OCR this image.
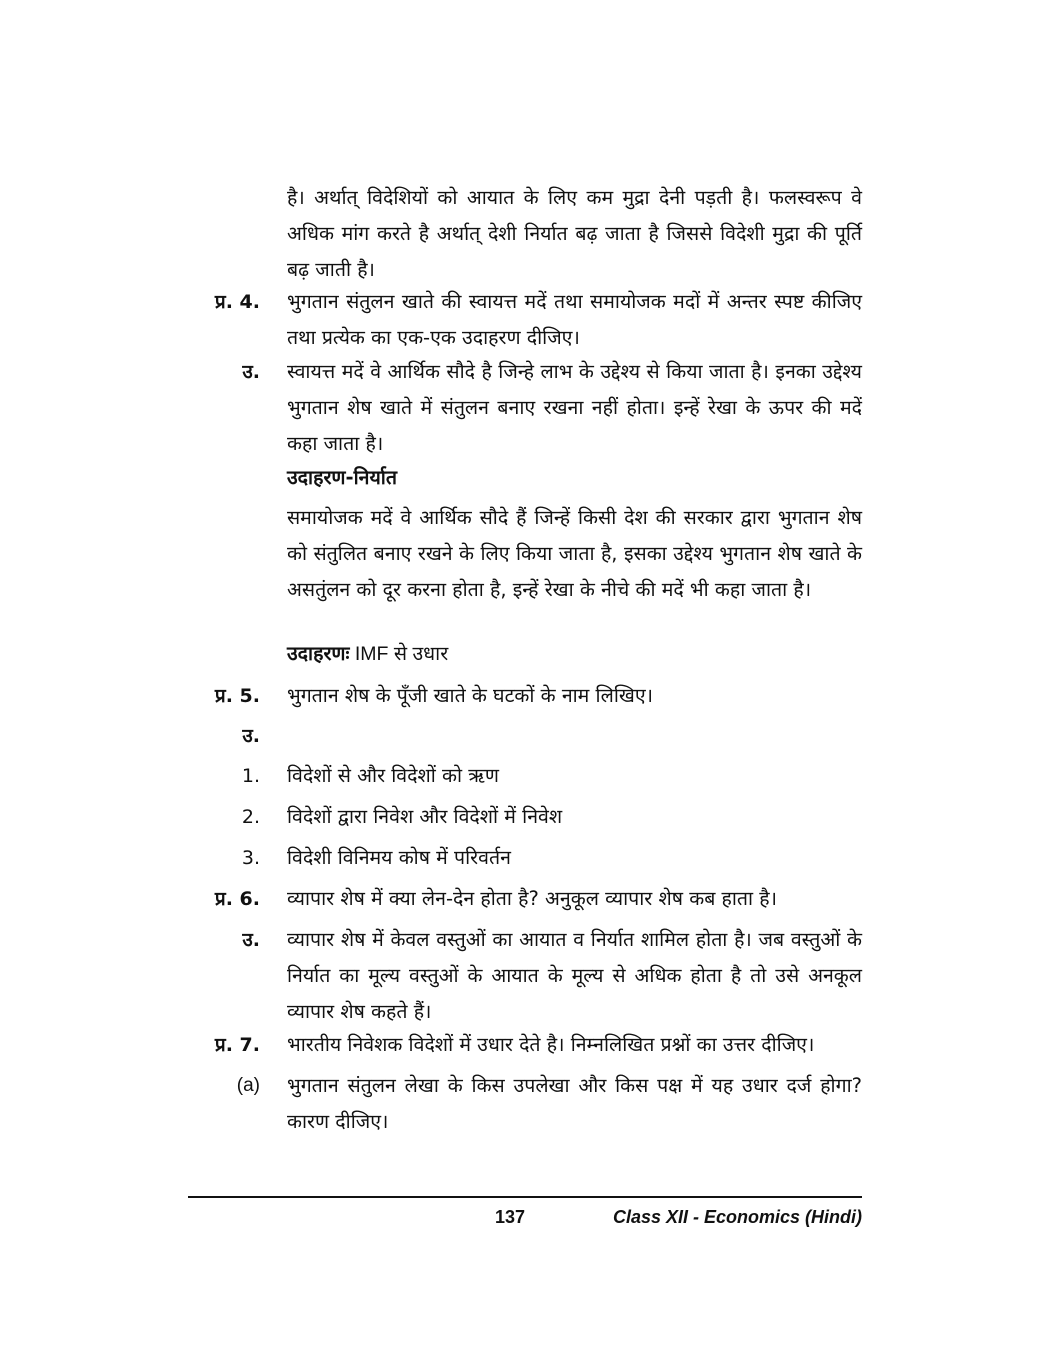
है। अर्थात् विदेशियों को आयात के लिए कम मुद्रा देनी पड़ती है। फलस्वरूप वे अधिक मांग करते है अर्थात् देशी निर्यात बढ़ जाता है जिससे विदेशी मुद्रा की पूर्ति बढ़ जाती है।
प्र. 4. भुगतान संतुलन खाते की स्वायत्त मदें तथा समायोजक मदों में अन्तर स्पष्ट कीजिए तथा प्रत्येक का एक-एक उदाहरण दीजिए।
उ. स्वायत्त मदें वे आर्थिक सौदे है जिन्हे लाभ के उद्देश्य से किया जाता है। इनका उद्देश्य भुगतान शेष खाते में संतुलन बनाए रखना नहीं होता। इन्हें रेखा के ऊपर की मदें कहा जाता है।
उदाहरण-निर्यात
समायोजक मदें वे आर्थिक सौदे हैं जिन्हें किसी देश की सरकार द्वारा भुगतान शेष को संतुलित बनाए रखने के लिए किया जाता है, इसका उद्देश्य भुगतान शेष खाते के असतुंलन को दूर करना होता है, इन्हें रेखा के नीचे की मदें भी कहा जाता है।
उदाहरणः IMF से उधार
प्र. 5. भुगतान शेष के पूँजी खाते के घटकों के नाम लिखिए।
उ.
1. विदेशों से और विदेशों को ऋण
2. विदेशों द्वारा निवेश और विदेशों में निवेश
3. विदेशी विनिमय कोष में परिवर्तन
प्र. 6. व्यापार शेष में क्या लेन-देन होता है? अनुकूल व्यापार शेष कब हाता है।
उ. व्यापार शेष में केवल वस्तुओं का आयात व निर्यात शामिल होता है। जब वस्तुओं के निर्यात का मूल्य वस्तुओं के आयात के मूल्य से अधिक होता है तो उसे अनकूल व्यापार शेष कहते हैं।
प्र. 7. भारतीय निवेशक विदेशों में उधार देते है। निम्नलिखित प्रश्नों का उत्तर दीजिए।
(a) भुगतान संतुलन लेखा के किस उपलेखा और किस पक्ष में यह उधार दर्ज होगा? कारण दीजिए।
137	Class XII - Economics (Hindi)
